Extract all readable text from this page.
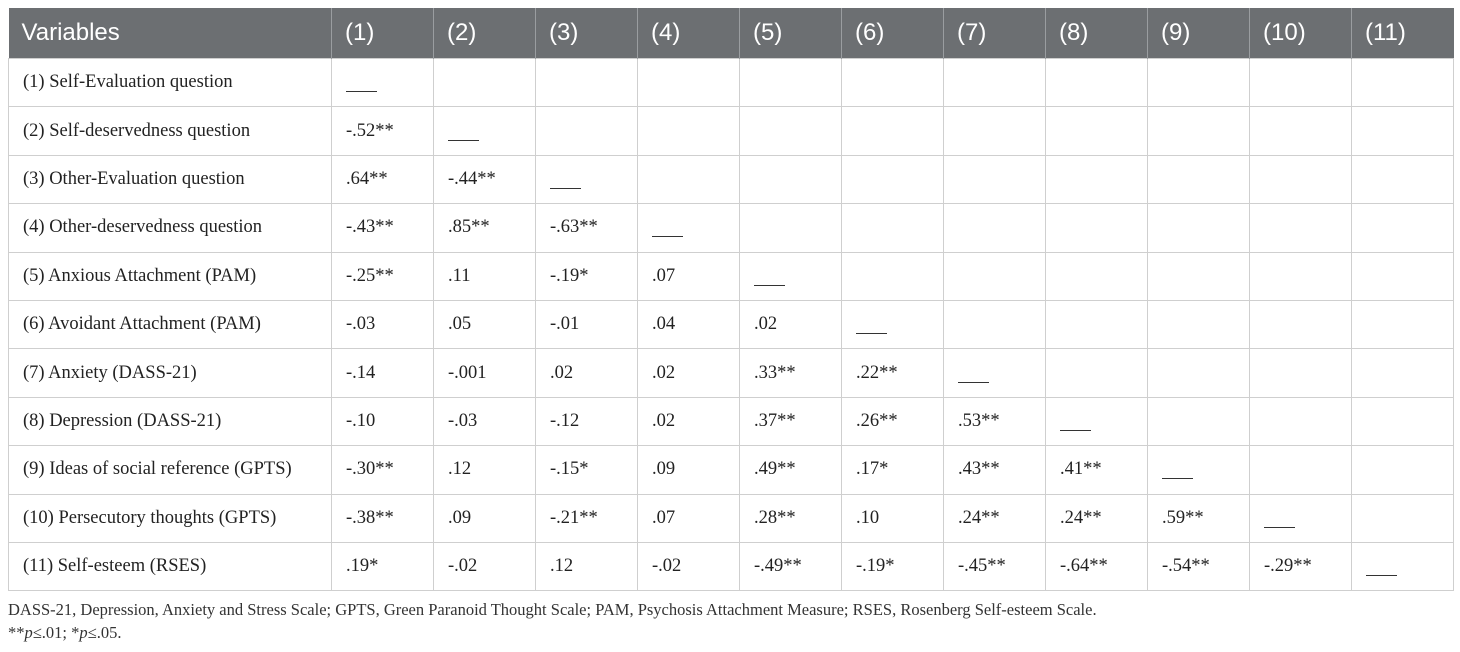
Variables	(1)	(2)	(3)	(4)	(5)	(6)	(7)	(8)	(9)	(10)	(11)
(1) Self-Evaluation question											
(2) Self-deservedness question	-.52**										
(3) Other-Evaluation question	.64**	-.44**									
(4) Other-deservedness question	-.43**	.85**	-.63**								
(5) Anxious Attachment (PAM)	-.25**	.11	-.19*	.07							
(6) Avoidant Attachment (PAM)	-.03	.05	-.01	.04	.02						
(7) Anxiety (DASS-21)	-.14	-.001	.02	.02	.33**	.22**					
(8) Depression (DASS-21)	-.10	-.03	-.12	.02	.37**	.26**	.53**				
(9) Ideas of social reference (GPTS)	-.30**	.12	-.15*	.09	.49**	.17*	.43**	.41**			
(10) Persecutory thoughts (GPTS)	-.38**	.09	-.21**	.07	.28**	.10	.24**	.24**	.59**		
(11) Self-esteem (RSES)	.19*	-.02	.12	-.02	-.49**	-.19*	-.45**	-.64**	-.54**	-.29**	
DASS-21, Depression, Anxiety and Stress Scale; GPTS, Green Paranoid Thought Scale; PAM, Psychosis Attachment Measure; RSES, Rosenberg Self-esteem Scale.
**p≤.01; *p≤.05.
